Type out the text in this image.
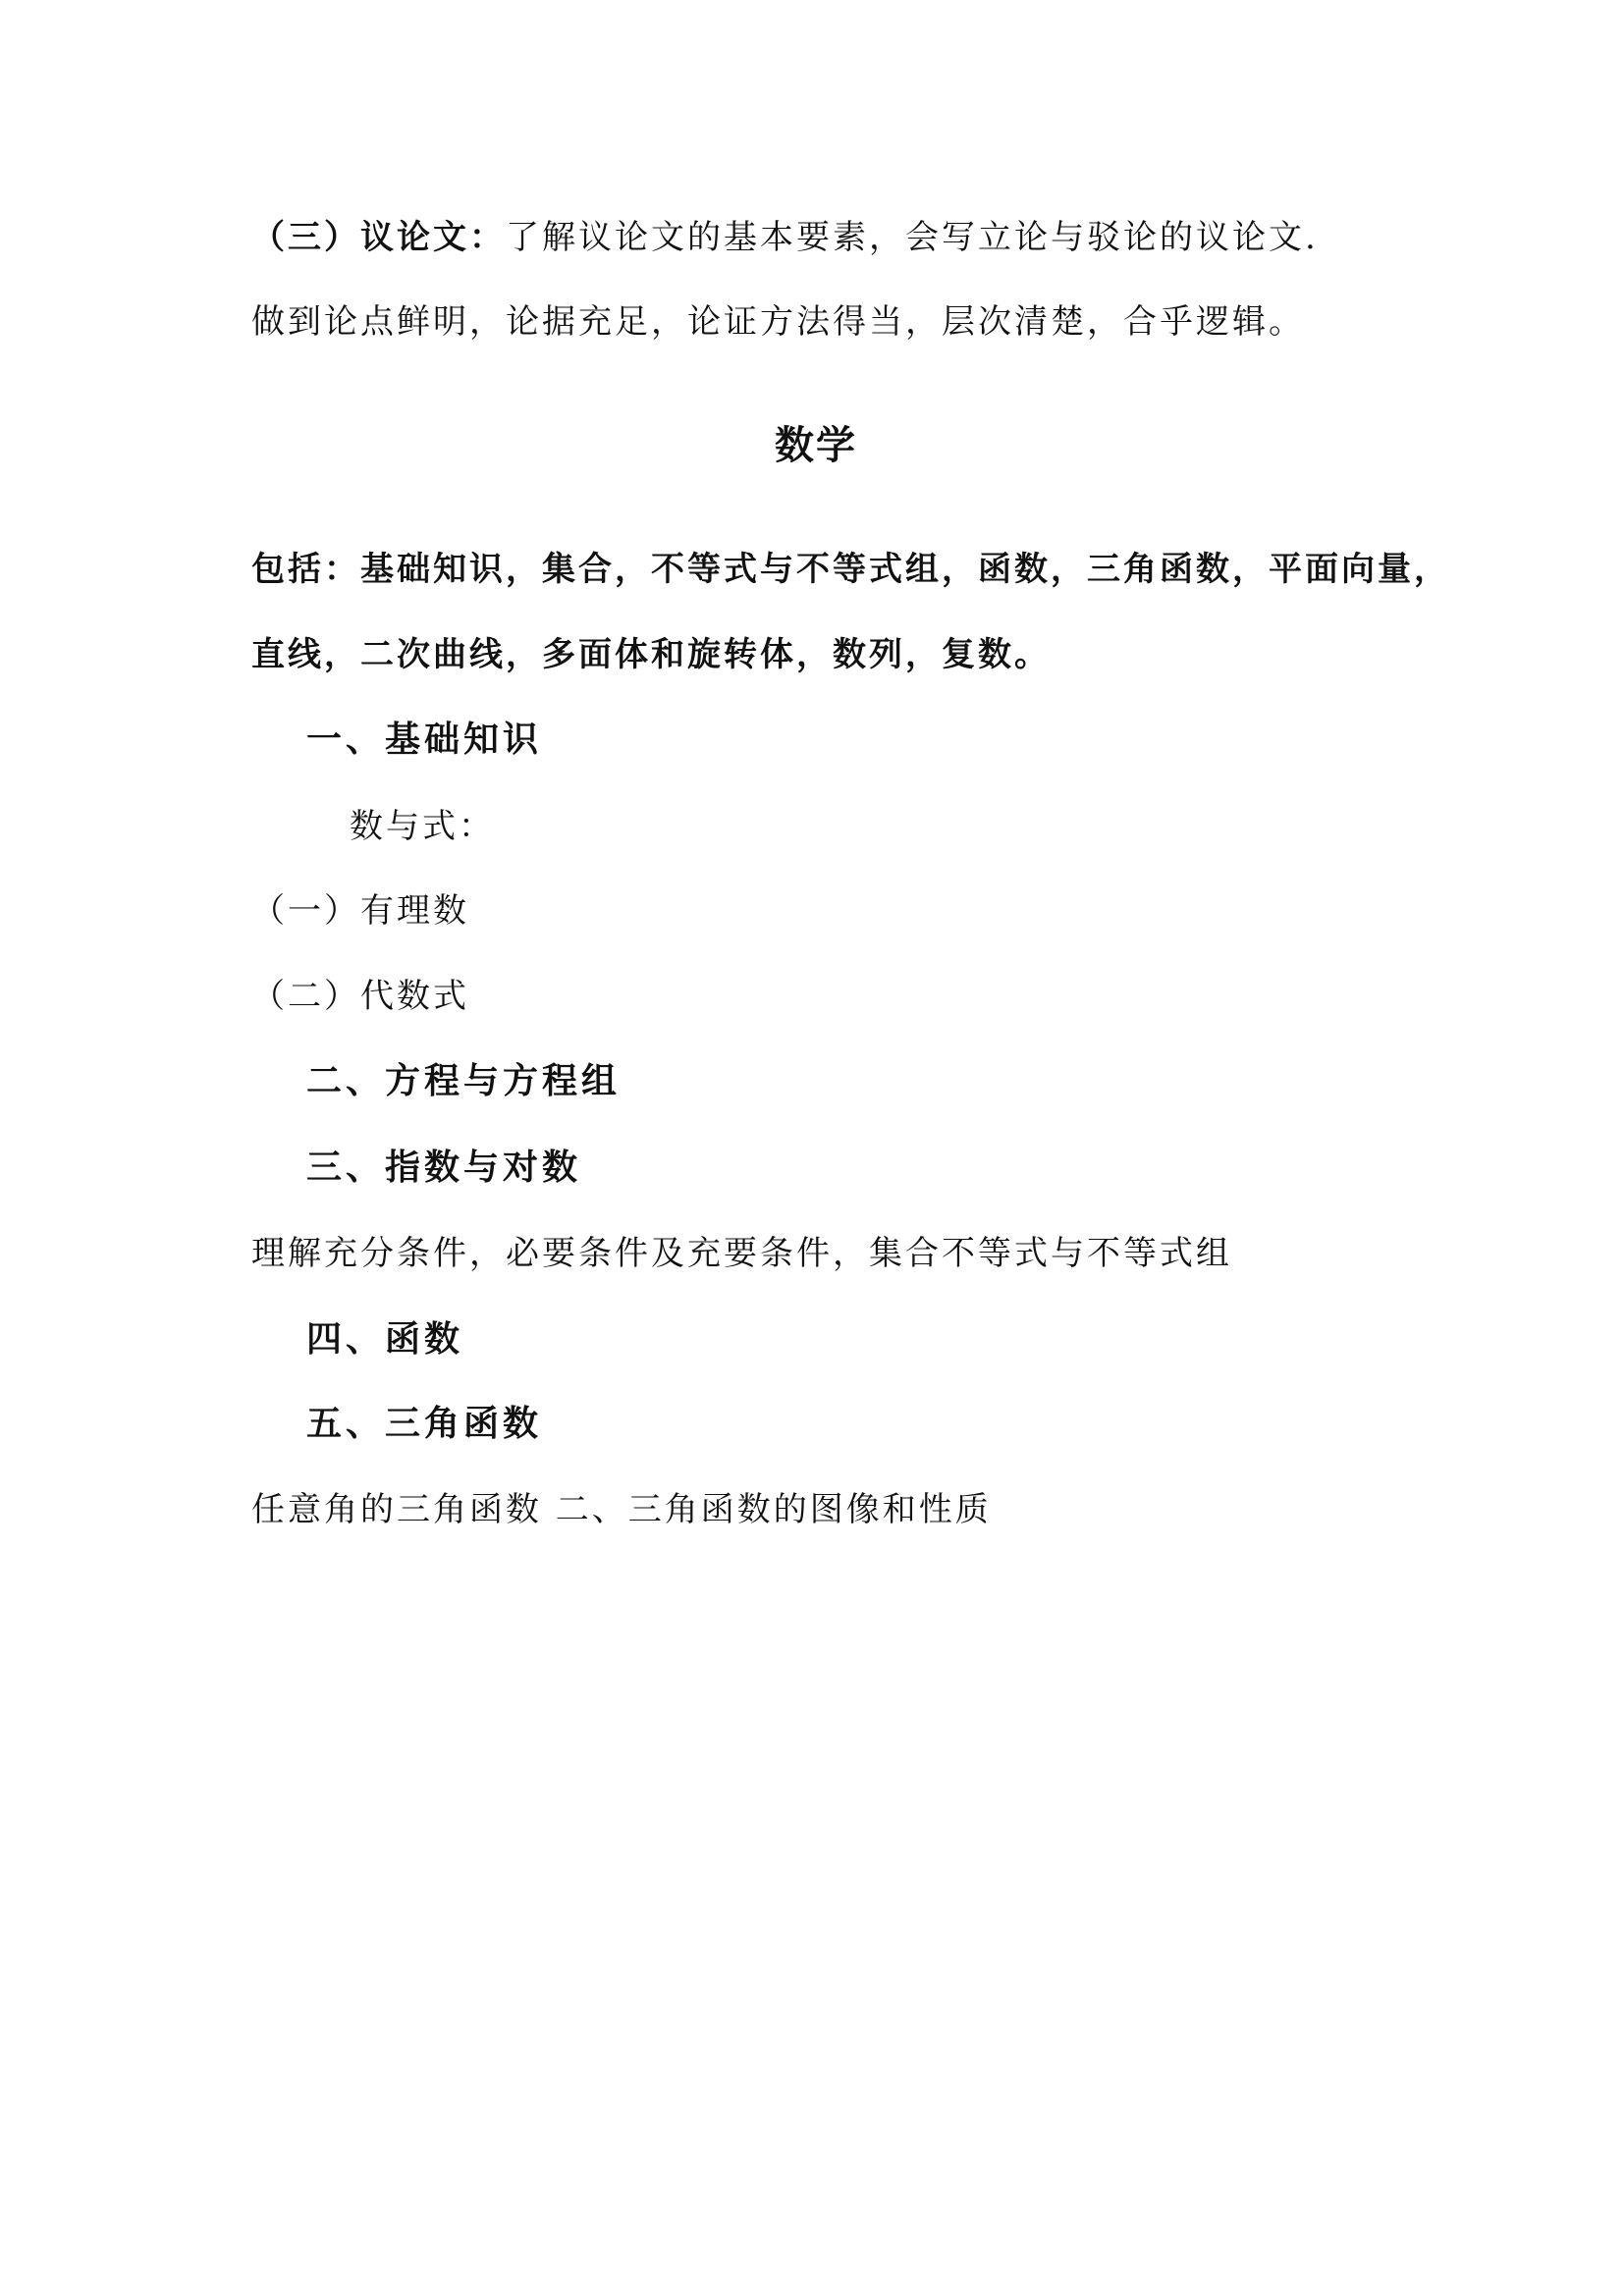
（三）议论文：了解议论文的基本要素，会写立论与驳论的议论文.
做到论点鲜明，论据充足，论证方法得当，层次清楚，合乎逻辑。
数学
包括：基础知识，集合，不等式与不等式组，函数，三角函数，平面向量，
直线，二次曲线，多面体和旋转体，数列，复数。
一、基础知识
数与式：
（一）有理数
（二）代数式
二、方程与方程组
三、指数与对数
理解充分条件，必要条件及充要条件，集合不等式与不等式组
四、函数
五、三角函数
任意角的三角函数 二、三角函数的图像和性质
